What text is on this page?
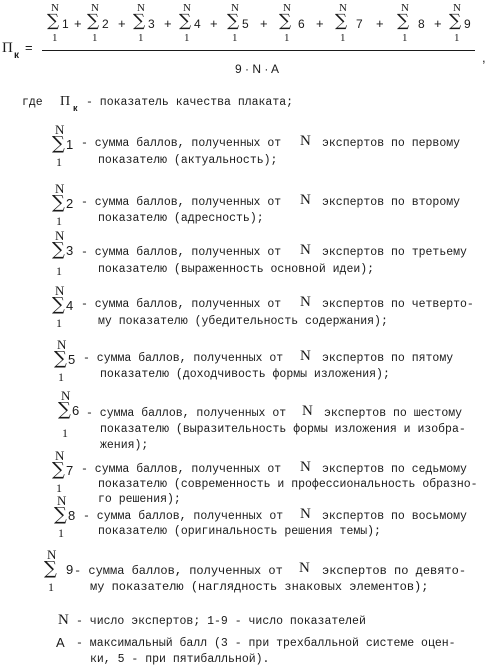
П к
=
N
∑
1
1 +
N
∑
1
2 +
N
∑
1
3 +
N
∑
1
4 +
N
∑
1
5 +
N
∑
1
6 +
N
∑
1
7 +
N
∑
1
8 +
N
∑
1
9
9 · N · A
,
где П к - показатель качества плаката;
N
∑
1
1 - сумма баллов, полученных от N экспертов по первому
показателю (актуальность);
N
∑
1
2 - сумма баллов, полученных от N экспертов по второму
показателю (адресность);
N
∑
1
3 - сумма баллов, полученных от N экспертов по третьему
показателю (выраженность основной идеи);
N
∑
1
4 - сумма баллов, полученных от N экспертов по четверто-
му показателю (убедительность содержания);
N
∑
1
5 - сумма баллов, полученных от N экспертов по пятому
показателю (доходчивость формы изложения);
N
∑
1
6 - сумма баллов, полученных от N экспертов по шестому
показателю (выразительность формы изложения и изобра-
жения);
N
∑
1
7 - сумма баллов, полученных от N экспертов по седьмому
показателю (современность и профессиональность образно-
го решения);
N
∑
1
8 - сумма баллов, полученных от N экспертов по восьмому
показателю (оригинальность решения темы);
N
∑
1
9 - сумма баллов, полученных от N экспертов по девято-
му показателю (наглядность знаковых элементов);
N - число экспертов; 1-9 - число показателей
A - максимальный балл (3 - при трехбалльной системе оцен-
ки, 5 - при пятибалльной).
